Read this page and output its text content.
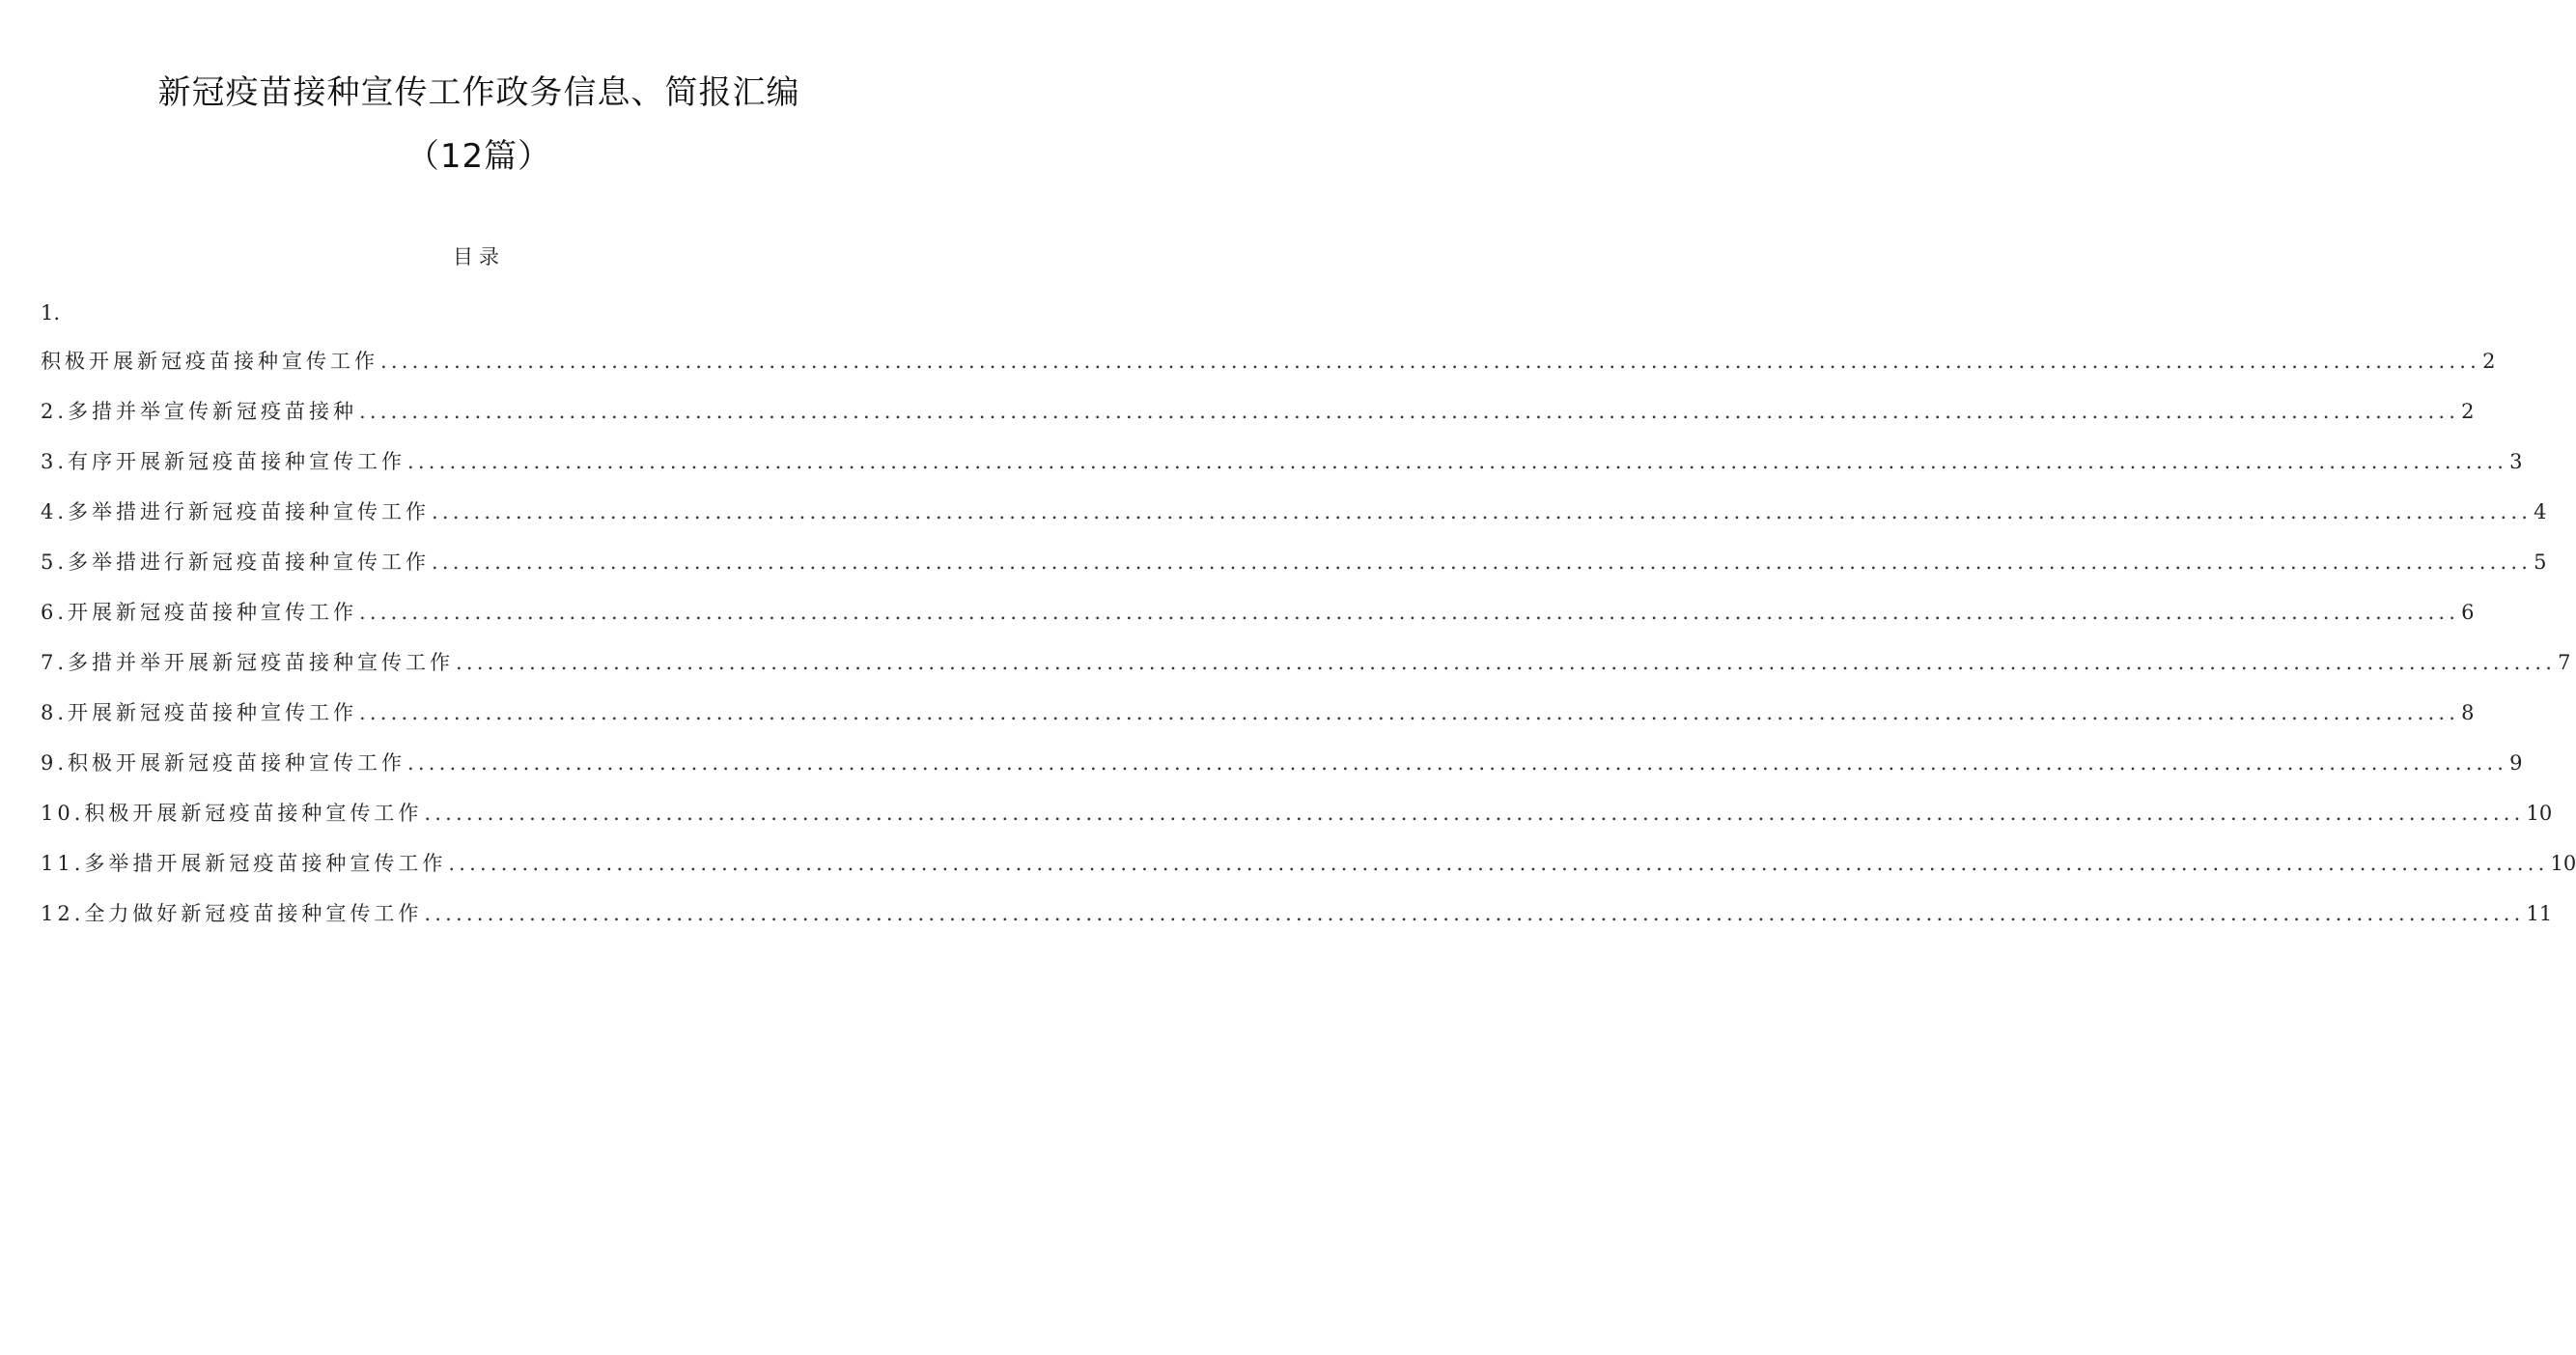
新冠疫苗接种宣传工作政务信息、简报汇编
（12篇）
目录
1.
积极开展新冠疫苗接种宣传工作 ........................................................................................................................................................................................................ 2
2.多措并举宣传新冠疫苗接种 ........................................................................................................................................................................................................ 2
3.有序开展新冠疫苗接种宣传工作 ........................................................................................................................................................................................................ 3
4.多举措进行新冠疫苗接种宣传工作 ........................................................................................................................................................................................................ 4
5.多举措进行新冠疫苗接种宣传工作 ........................................................................................................................................................................................................ 5
6.开展新冠疫苗接种宣传工作 ........................................................................................................................................................................................................ 6
7.多措并举开展新冠疫苗接种宣传工作 ........................................................................................................................................................................................................ 7
8.开展新冠疫苗接种宣传工作 ........................................................................................................................................................................................................ 8
9.积极开展新冠疫苗接种宣传工作 ........................................................................................................................................................................................................ 9
10.积极开展新冠疫苗接种宣传工作 ........................................................................................................................................................................................................ 10
11.多举措开展新冠疫苗接种宣传工作 ........................................................................................................................................................................................................ 10
12.全力做好新冠疫苗接种宣传工作 ........................................................................................................................................................................................................ 11
